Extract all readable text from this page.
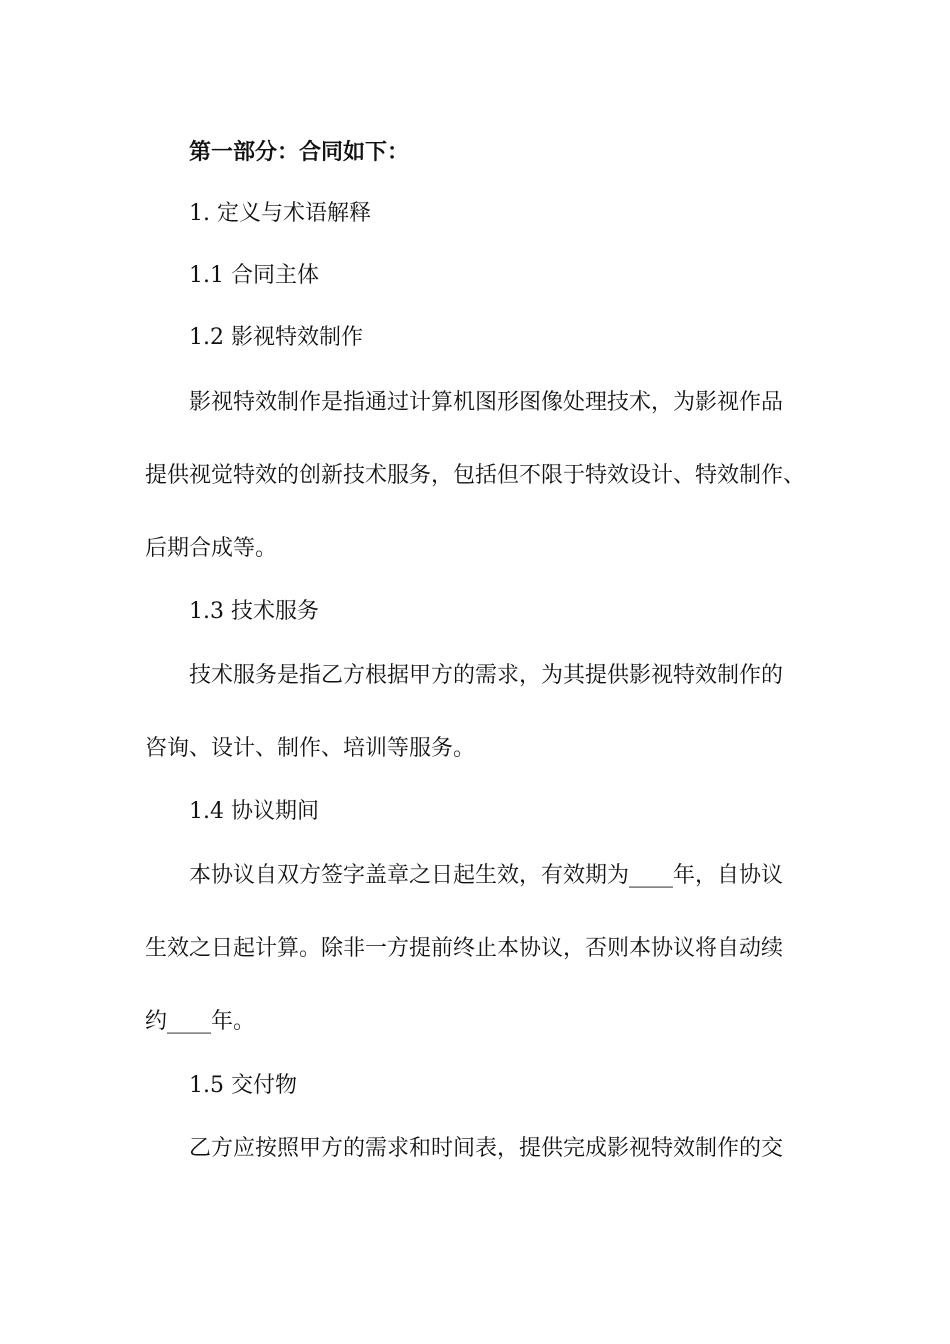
第一部分：合同如下：
1. 定义与术语解释
1.1 合同主体
1.2 影视特效制作
影视特效制作是指通过计算机图形图像处理技术，为影视作品
提供视觉特效的创新技术服务，包括但不限于特效设计、特效制作、
后期合成等。
1.3 技术服务
技术服务是指乙方根据甲方的需求，为其提供影视特效制作的
咨询、设计、制作、培训等服务。
1.4 协议期间
本协议自双方签字盖章之日起生效，有效期为____年，自协议
生效之日起计算。除非一方提前终止本协议，否则本协议将自动续
约____年。
1.5 交付物
乙方应按照甲方的需求和时间表，提供完成影视特效制作的交
